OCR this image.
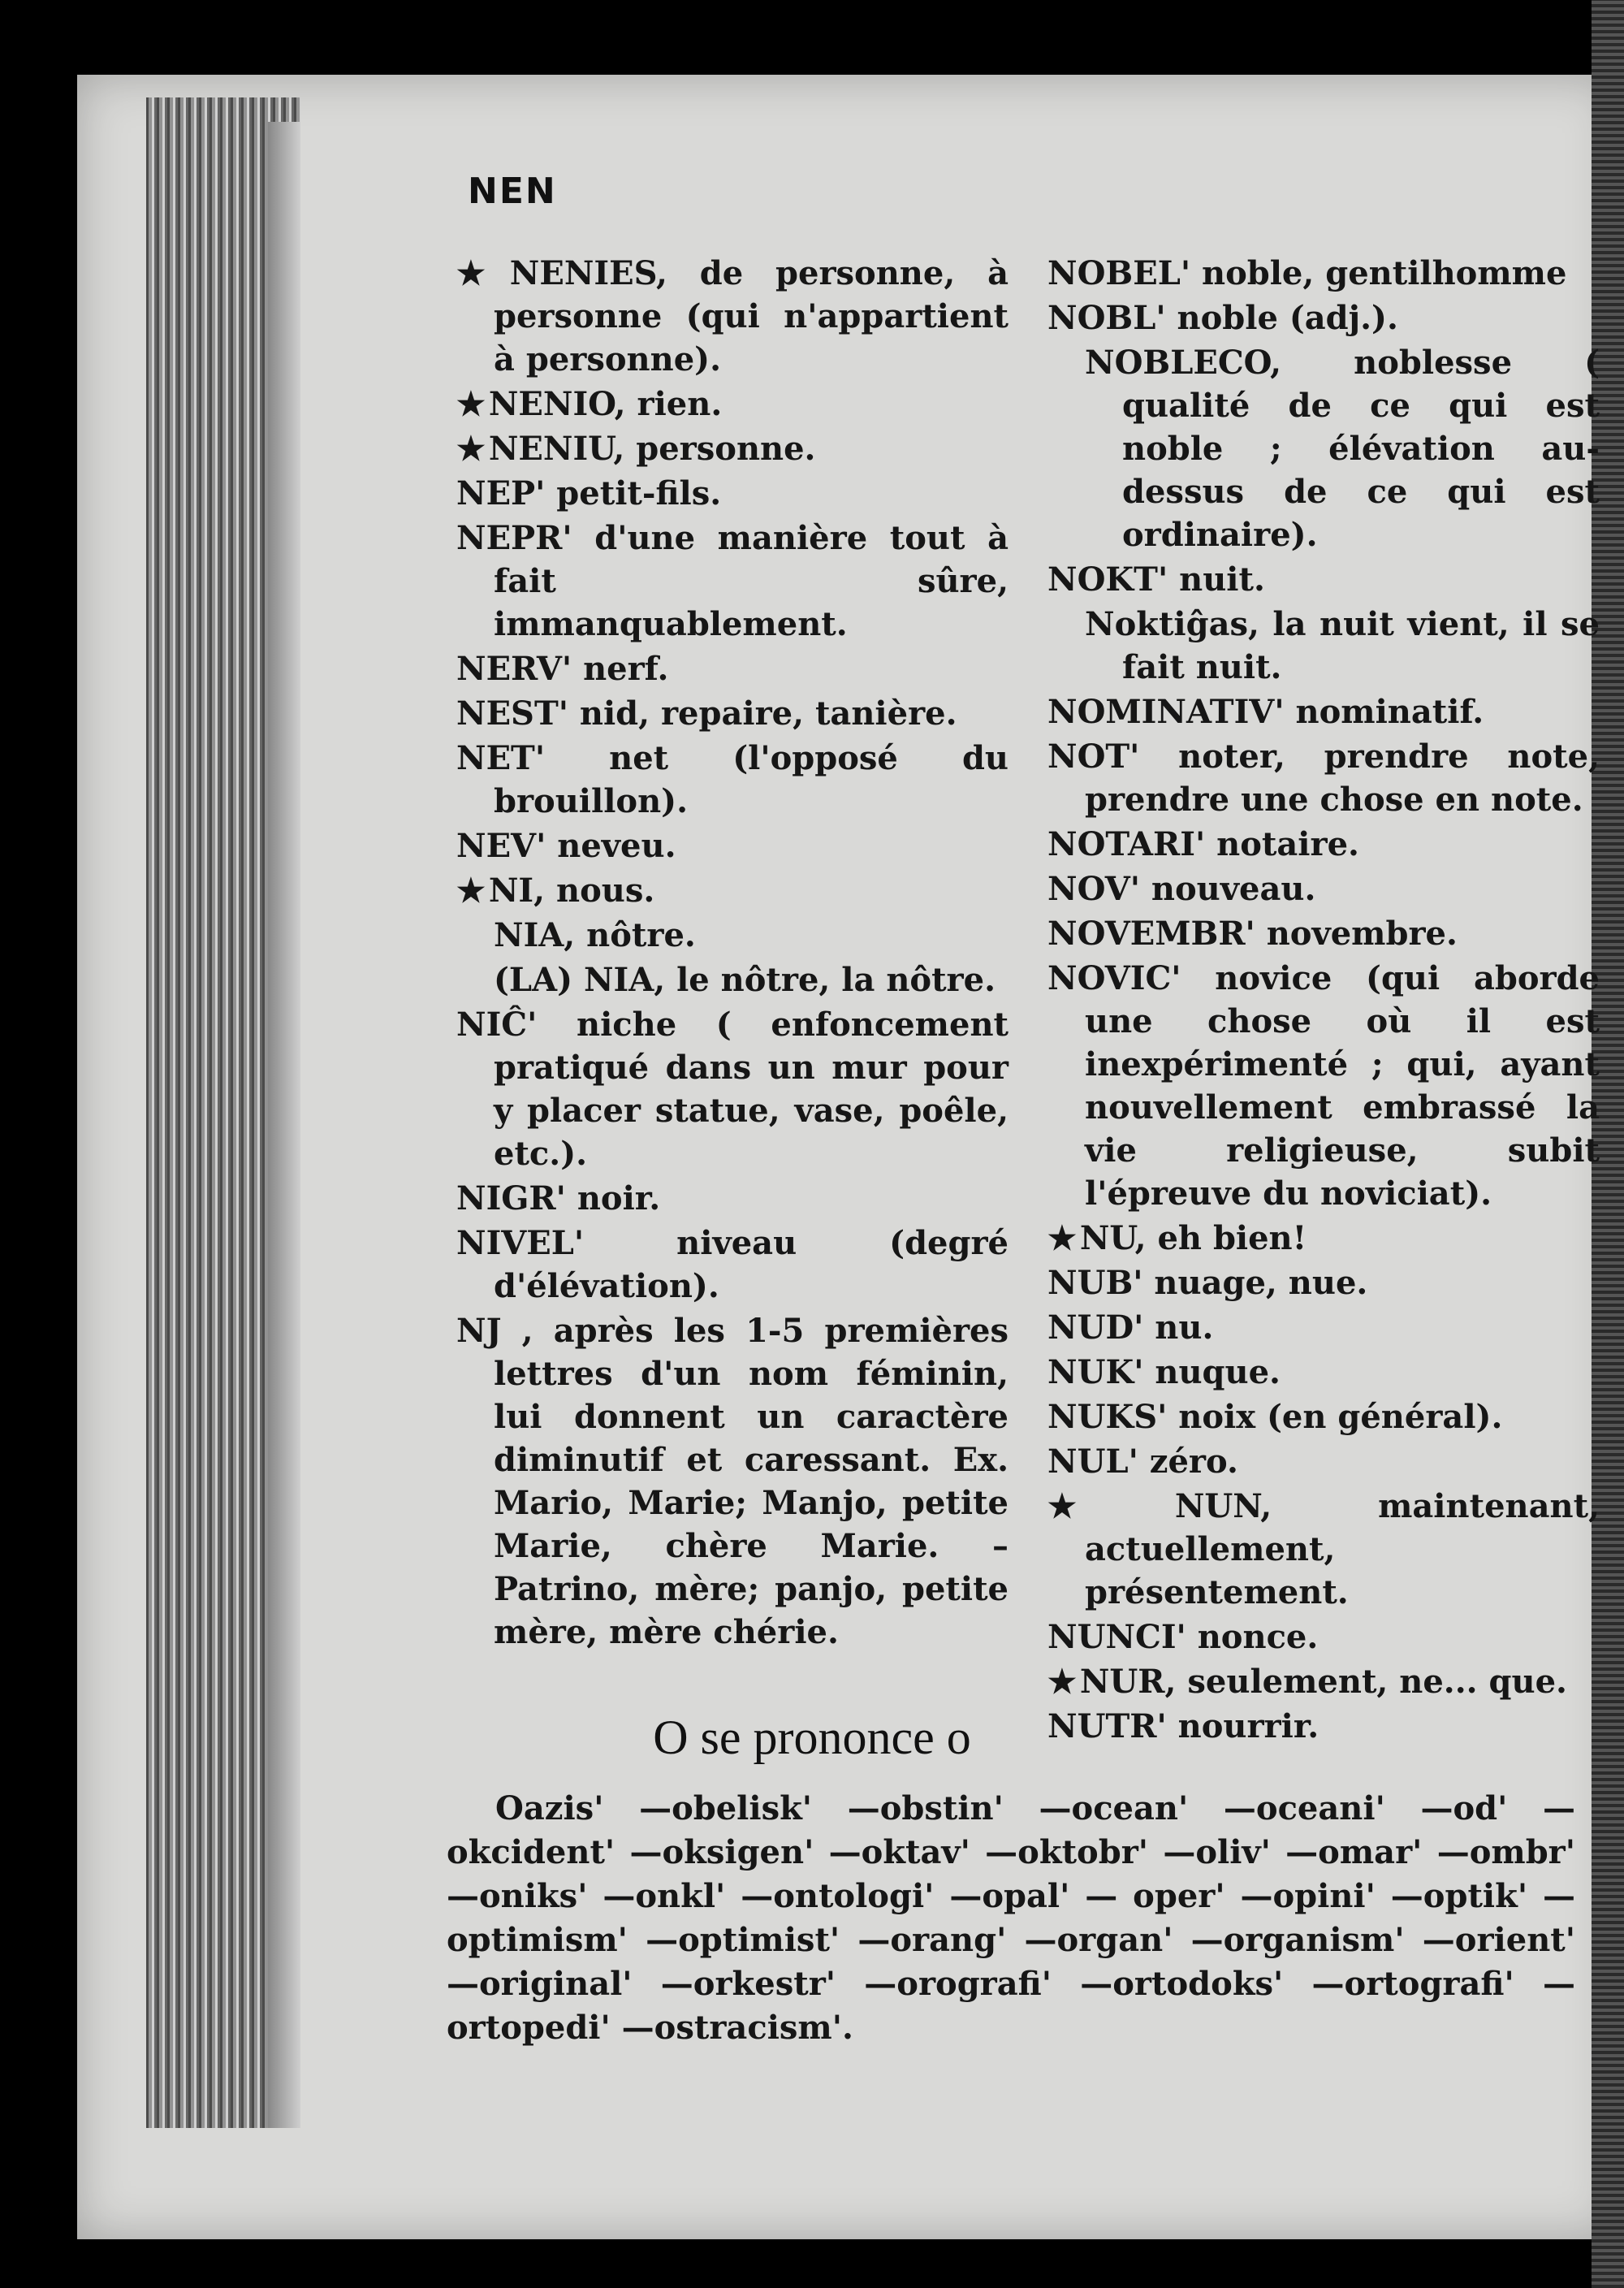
NEN
★ NENIES, de personne, à personne (qui n'appartient à personne).
★ NENIO, rien.
★ NENIU, personne.
NEP' petit-fils.
NEPR' d'une manière tout à fait sûre, immanquablement.
NERV' nerf.
NEST' nid, repaire, tanière.
NET' net (l'opposé du brouillon).
NEV' neveu.
★ NI, nous.
NIA, nôtre.
(LA) NIA, le nôtre, la nôtre.
NIĈ' niche ( enfoncement pratiqué dans un mur pour y placer statue, vase, poêle, etc.).
NIGR' noir.
NIVEL' niveau (degré d'élévation).
NJ , après les 1-5 premières lettres d'un nom féminin, lui donnent un caractère diminutif et caressant. Ex. Mario, Marie; Manjo, petite Marie, chère Marie. – Patrino, mère; panjo, petite mère, mère chérie.
NOBEL' noble, gentilhomme
NOBL' noble (adj.).
NOBLECO, noblesse ( qualité de ce qui est noble ; élévation au-dessus de ce qui est ordinaire).
NOKT' nuit.
Noktiĝas, la nuit vient, il se fait nuit.
NOMINATIV' nominatif.
NOT' noter, prendre note, prendre une chose en note.
NOTARI' notaire.
NOV' nouveau.
NOVEMBR' novembre.
NOVIC' novice (qui aborde une chose où il est inexpérimenté ; qui, ayant nouvellement embrassé la vie religieuse, subit l'épreuve du noviciat).
★ NU, eh bien!
NUB' nuage, nue.
NUD' nu.
NUK' nuque.
NUKS' noix (en général).
NUL' zéro.
★ NUN, maintenant, actuellement, présentement.
NUNCI' nonce.
★ NUR, seulement, ne... que.
NUTR' nourrir.
O se prononce o
Oazis' —obelisk' —obstin' —ocean' —oceani' —od' —okcident' —oksigen' —oktav' —oktobr' —oliv' —omar' —ombr' —oniks' —onkl' —ontologi' —opal' — oper' —opini' —optik' —optimism' —optimist' —orang' —organ' —organism' —orient' —original' —orkestr' —orografi' —ortodoks' —ortografi' —ortopedi' —ostracism'.
